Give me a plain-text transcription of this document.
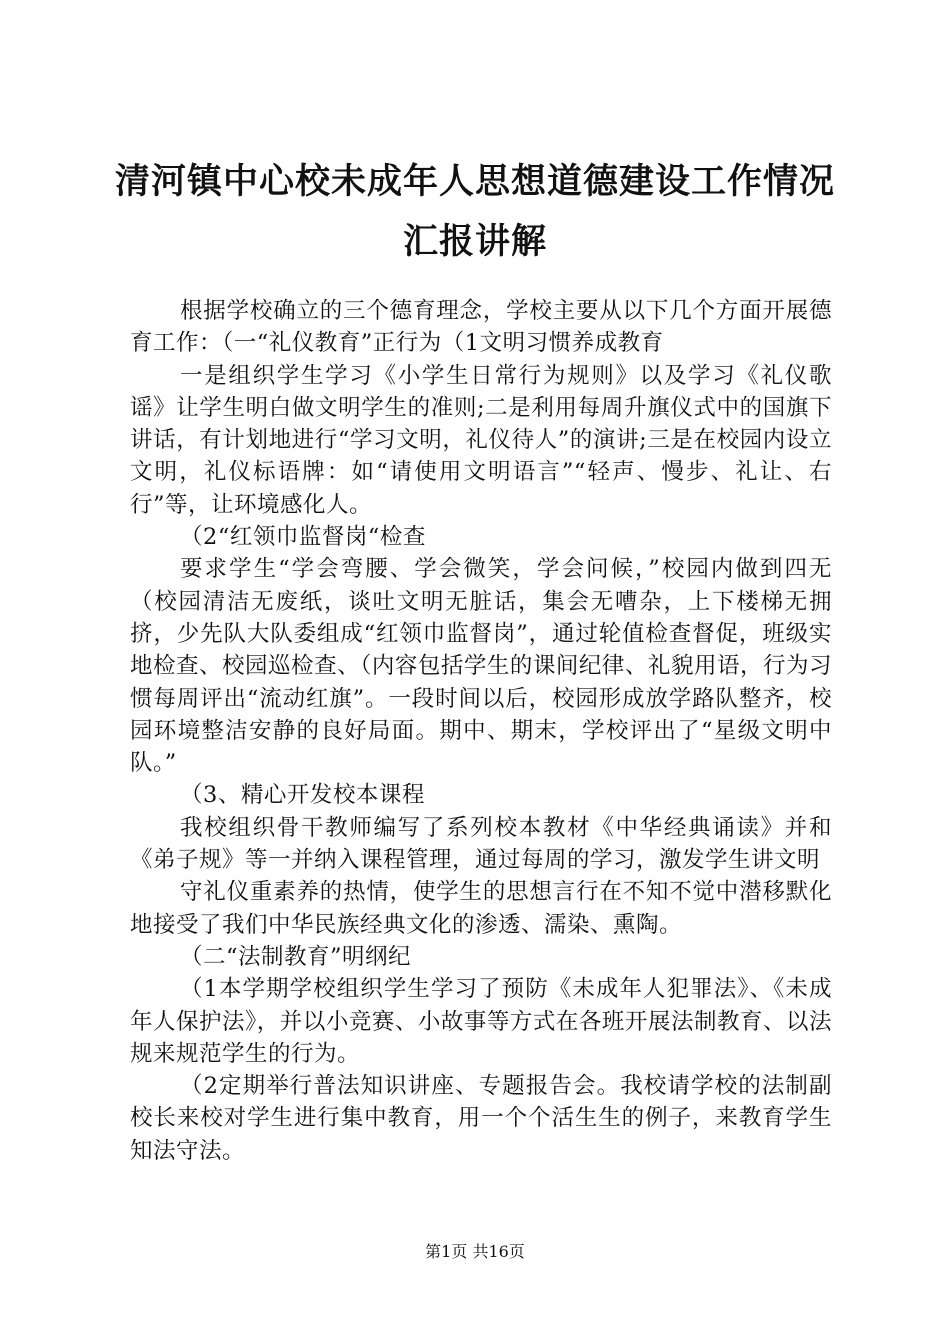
清河镇中心校未成年人思想道德建设工作情况
汇报讲解

根据学校确立的三个德育理念，学校主要从以下几个方面开展德育工作：（一“礼仪教育”正行为（1文明习惯养成教育

一是组织学生学习《小学生日常行为规则》以及学习《礼仪歌谣》让学生明白做文明学生的准则;二是利用每周升旗仪式中的国旗下讲话，有计划地进行“学习文明，礼仪待人”的演讲;三是在校园内设立文明，礼仪标语牌：如“请使用文明语言”“轻声、慢步、礼让、右行”等，让环境感化人。

（2“红领巾监督岗“检查

要求学生“学会弯腰、学会微笑，学会问候，”校园内做到四无（校园清洁无废纸，谈吐文明无脏话，集会无嘈杂，上下楼梯无拥挤，少先队大队委组成“红领巾监督岗”，通过轮值检查督促，班级实地检查、校园巡检查、（内容包括学生的课间纪律、礼貌用语，行为习惯每周评出“流动红旗”。一段时间以后，校园形成放学路队整齐，校园环境整洁安静的良好局面。期中、期末，学校评出了“星级文明中队。”

（3、精心开发校本课程

我校组织骨干教师编写了系列校本教材《中华经典诵读》并和《弟子规》等一并纳入课程管理，通过每周的学习，激发学生讲文明

守礼仪重素养的热情，使学生的思想言行在不知不觉中潜移默化地接受了我们中华民族经典文化的渗透、濡染、熏陶。

（二“法制教育”明纲纪

（1本学期学校组织学生学习了预防《未成年人犯罪法》、《未成年人保护法》，并以小竞赛、小故事等方式在各班开展法制教育、以法规来规范学生的行为。

（2定期举行普法知识讲座、专题报告会。我校请学校的法制副校长来校对学生进行集中教育，用一个个活生生的例子，来教育学生知法守法。

第1页 共16页
